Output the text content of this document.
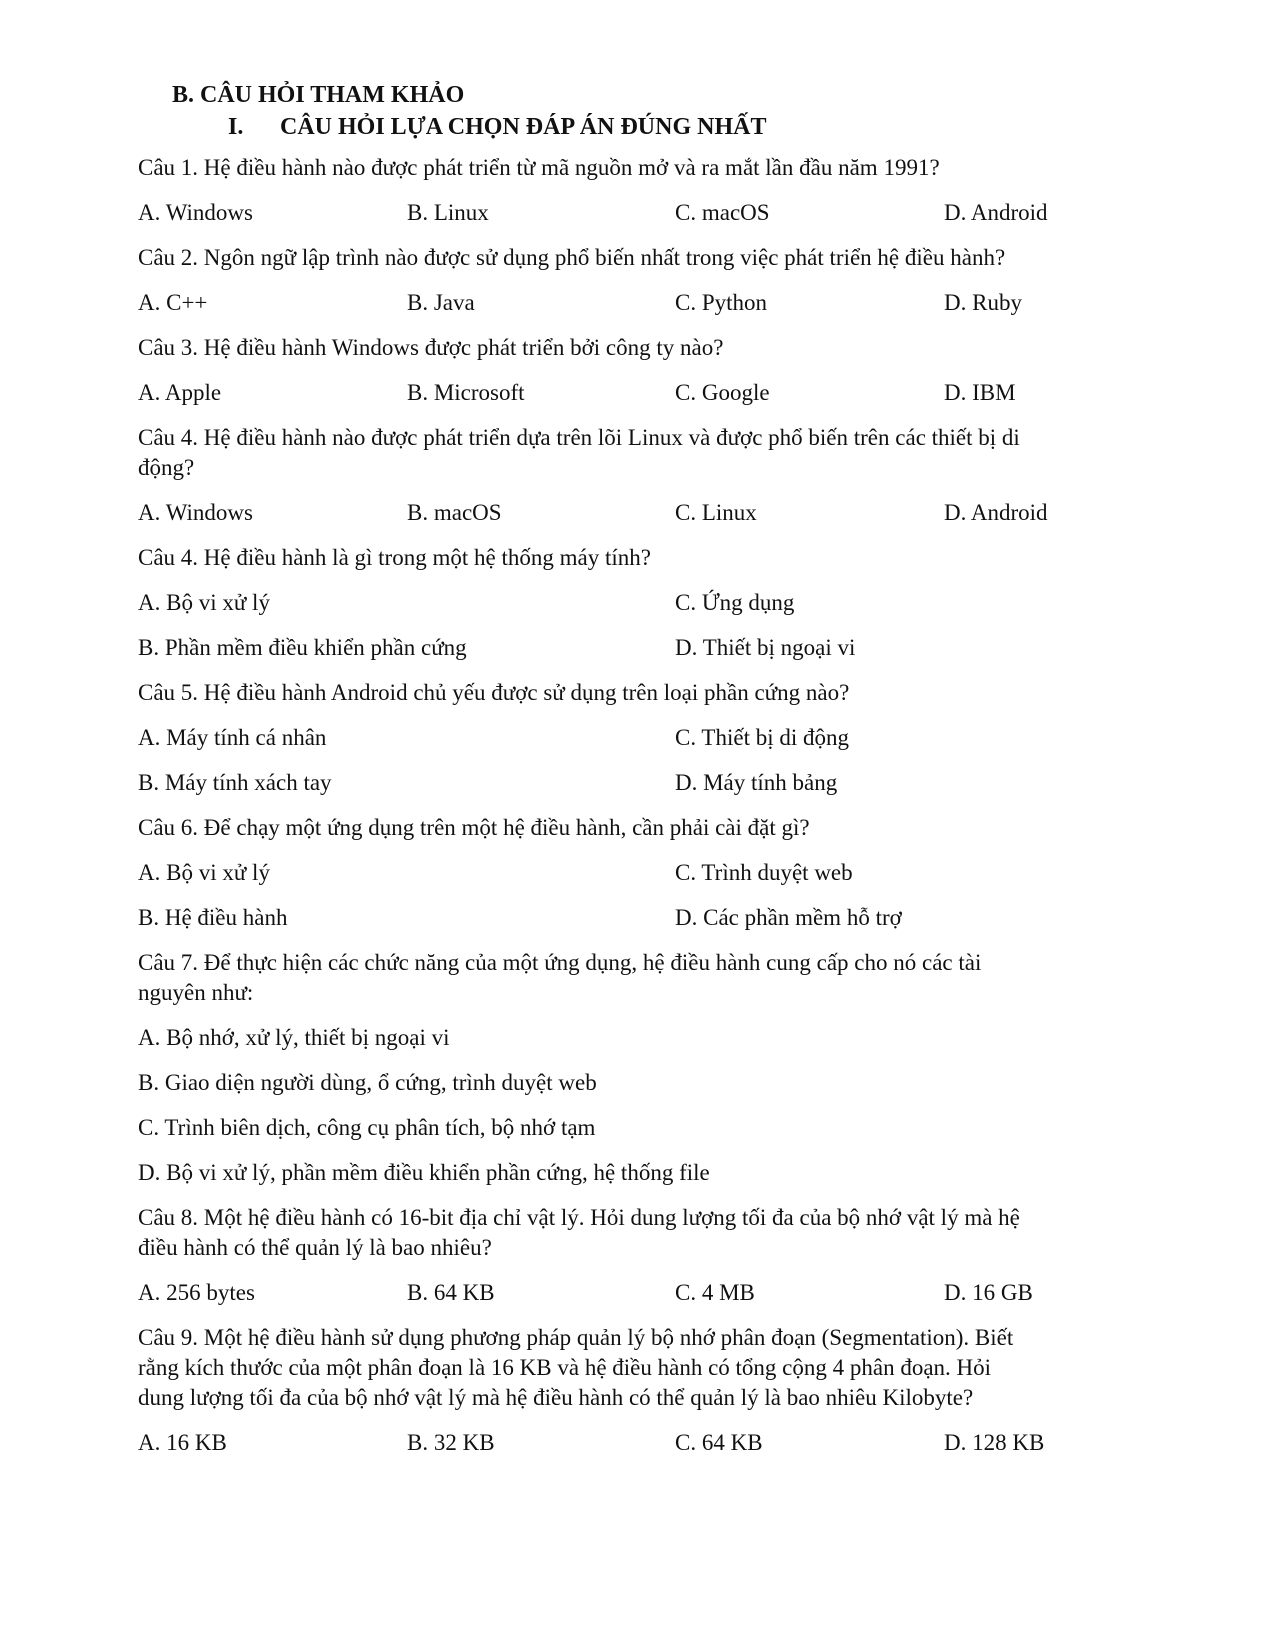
B. CÂU HỎI THAM KHẢO
I. CÂU HỎI LỰA CHỌN ĐÁP ÁN ĐÚNG NHẤT
Câu 1. Hệ điều hành nào được phát triển từ mã nguồn mở và ra mắt lần đầu năm 1991?
A. Windows	B. Linux	C. macOS	D. Android
Câu 2. Ngôn ngữ lập trình nào được sử dụng phổ biến nhất trong việc phát triển hệ điều hành?
A. C++	B. Java	C. Python	D. Ruby
Câu 3. Hệ điều hành Windows được phát triển bởi công ty nào?
A. Apple	B. Microsoft	C. Google	D. IBM
Câu 4. Hệ điều hành nào được phát triển dựa trên lõi Linux và được phổ biến trên các thiết bị di
động?
A. Windows	B. macOS	C. Linux	D. Android
Câu 4. Hệ điều hành là gì trong một hệ thống máy tính?
A. Bộ vi xử lý	C. Ứng dụng
B. Phần mềm điều khiển phần cứng	D. Thiết bị ngoại vi
Câu 5. Hệ điều hành Android chủ yếu được sử dụng trên loại phần cứng nào?
A. Máy tính cá nhân	C. Thiết bị di động
B. Máy tính xách tay	D. Máy tính bảng
Câu 6. Để chạy một ứng dụng trên một hệ điều hành, cần phải cài đặt gì?
A. Bộ vi xử lý	C. Trình duyệt web
B. Hệ điều hành	D. Các phần mềm hỗ trợ
Câu 7. Để thực hiện các chức năng của một ứng dụng, hệ điều hành cung cấp cho nó các tài
nguyên như:
A. Bộ nhớ, xử lý, thiết bị ngoại vi
B. Giao diện người dùng, ổ cứng, trình duyệt web
C. Trình biên dịch, công cụ phân tích, bộ nhớ tạm
D. Bộ vi xử lý, phần mềm điều khiển phần cứng, hệ thống file
Câu 8. Một hệ điều hành có 16-bit địa chỉ vật lý. Hỏi dung lượng tối đa của bộ nhớ vật lý mà hệ
điều hành có thể quản lý là bao nhiêu?
A. 256 bytes	B. 64 KB	C. 4 MB	D. 16 GB
Câu 9. Một hệ điều hành sử dụng phương pháp quản lý bộ nhớ phân đoạn (Segmentation). Biết
rằng kích thước của một phân đoạn là 16 KB và hệ điều hành có tổng cộng 4 phân đoạn. Hỏi
dung lượng tối đa của bộ nhớ vật lý mà hệ điều hành có thể quản lý là bao nhiêu Kilobyte?
A. 16 KB	B. 32 KB	C. 64 KB	D. 128 KB
